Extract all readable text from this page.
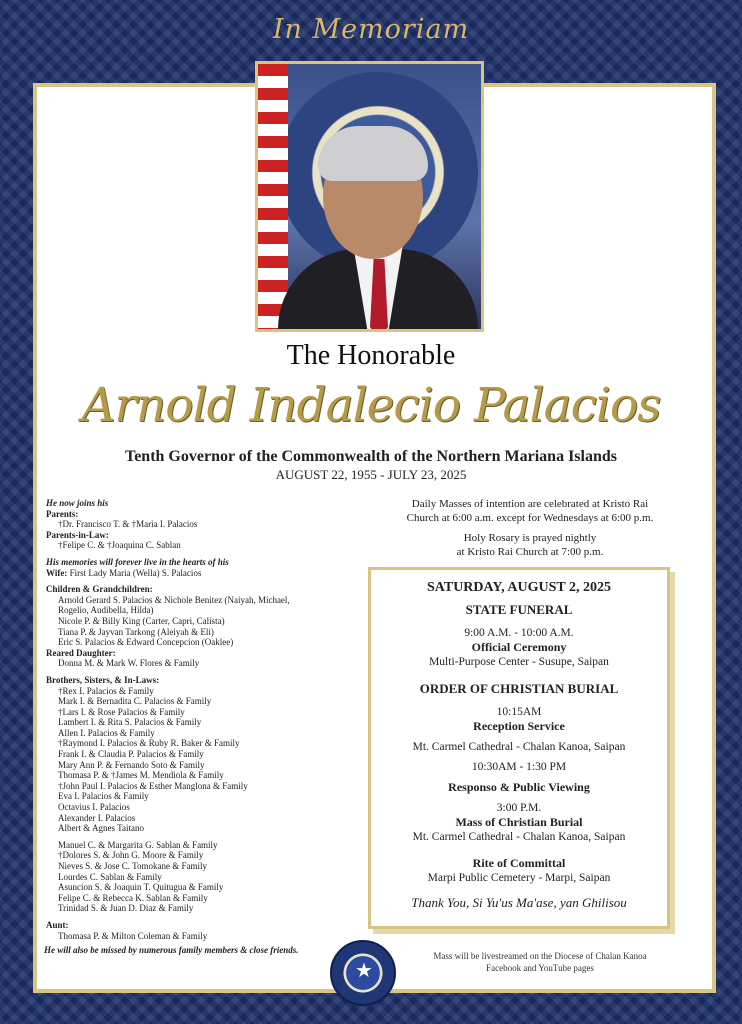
In Memoriam
The Honorable
Arnold Indalecio Palacios
Tenth Governor of the Commonwealth of the Northern Mariana Islands
AUGUST 22, 1955 - JULY 23, 2025
He now joins his
Parents:
†Dr. Francisco T. & †Maria I. Palacios
Parents-in-Law:
†Felipe C. & †Joaquina C. Sablan
His memories will forever live in the hearts of his
Wife: First Lady Maria (Wella) S. Palacios
Children & Grandchildren:
Arnold Gerard S. Palacios & Nichole Benitez (Naiyah, Michael,
Rogelio, Audibella, Hilda)
Nicole P. & Billy King (Carter, Capri, Calista)
Tiana P. & Jayvan Tarkong (Aleiyah & Eli)
Eric S. Palacios & Edward Concepcion (Oaklee)
Reared Daughter:
Donna M. & Mark W. Flores & Family
Brothers, Sisters, & In-Laws:
†Rex I. Palacios & Family
Mark I. & Bernadita C. Palacios & Family
†Lars I. & Rose Palacios & Family
Lambert I. & Rita S. Palacios & Family
Allen I. Palacios & Family
†Raymond I. Palacios & Ruby R. Baker & Family
Frank I. & Claudia P. Palacios & Family
Mary Ann P. & Fernando Soto & Family
Thomasa P. & †James M. Mendiola & Family
†John Paul I. Palacios & Esther Manglona & Family
Eva I. Palacios & Family
Octavius I. Palacios
Alexander I. Palacios
Albert & Agnes Taitano
Manuel C. & Margarita G. Sablan & Family
†Dolores S. & John G. Moore & Family
Nieves S. & Jose C. Tomokane & Family
Lourdes C. Sablan & Family
Asuncion S. & Joaquin T. Quitugua & Family
Felipe C. & Rebecca K. Sablan & Family
Trinidad S. & Juan D. Diaz & Family
Aunt:
Thomasa P. & Milton Coleman & Family
He will also be missed by numerous family members & close friends.

Daily Masses of intention are celebrated at Kristo Rai
Church at 6:00 a.m. except for Wednesdays at 6:00 p.m.

Holy Rosary is prayed nightly
at Kristo Rai Church at 7:00 p.m.

SATURDAY, AUGUST 2, 2025
STATE FUNERAL
9:00 A.M. - 10:00 A.M.
Official Ceremony
Multi-Purpose Center - Susupe, Saipan
ORDER OF CHRISTIAN BURIAL
10:15AM
Reception Service
Mt. Carmel Cathedral - Chalan Kanoa, Saipan
10:30AM - 1:30 PM
Responso & Public Viewing
3:00 P.M.
Mass of Christian Burial
Mt. Carmel Cathedral - Chalan Kanoa, Saipan
Rite of Committal
Marpi Public Cemetery - Marpi, Saipan
Thank You, Si Yu'us Ma'ase, yan Ghilisou
★
Mass will be livestreamed on the Diocese of Chalan Kanoa
Facebook and YouTube pages
